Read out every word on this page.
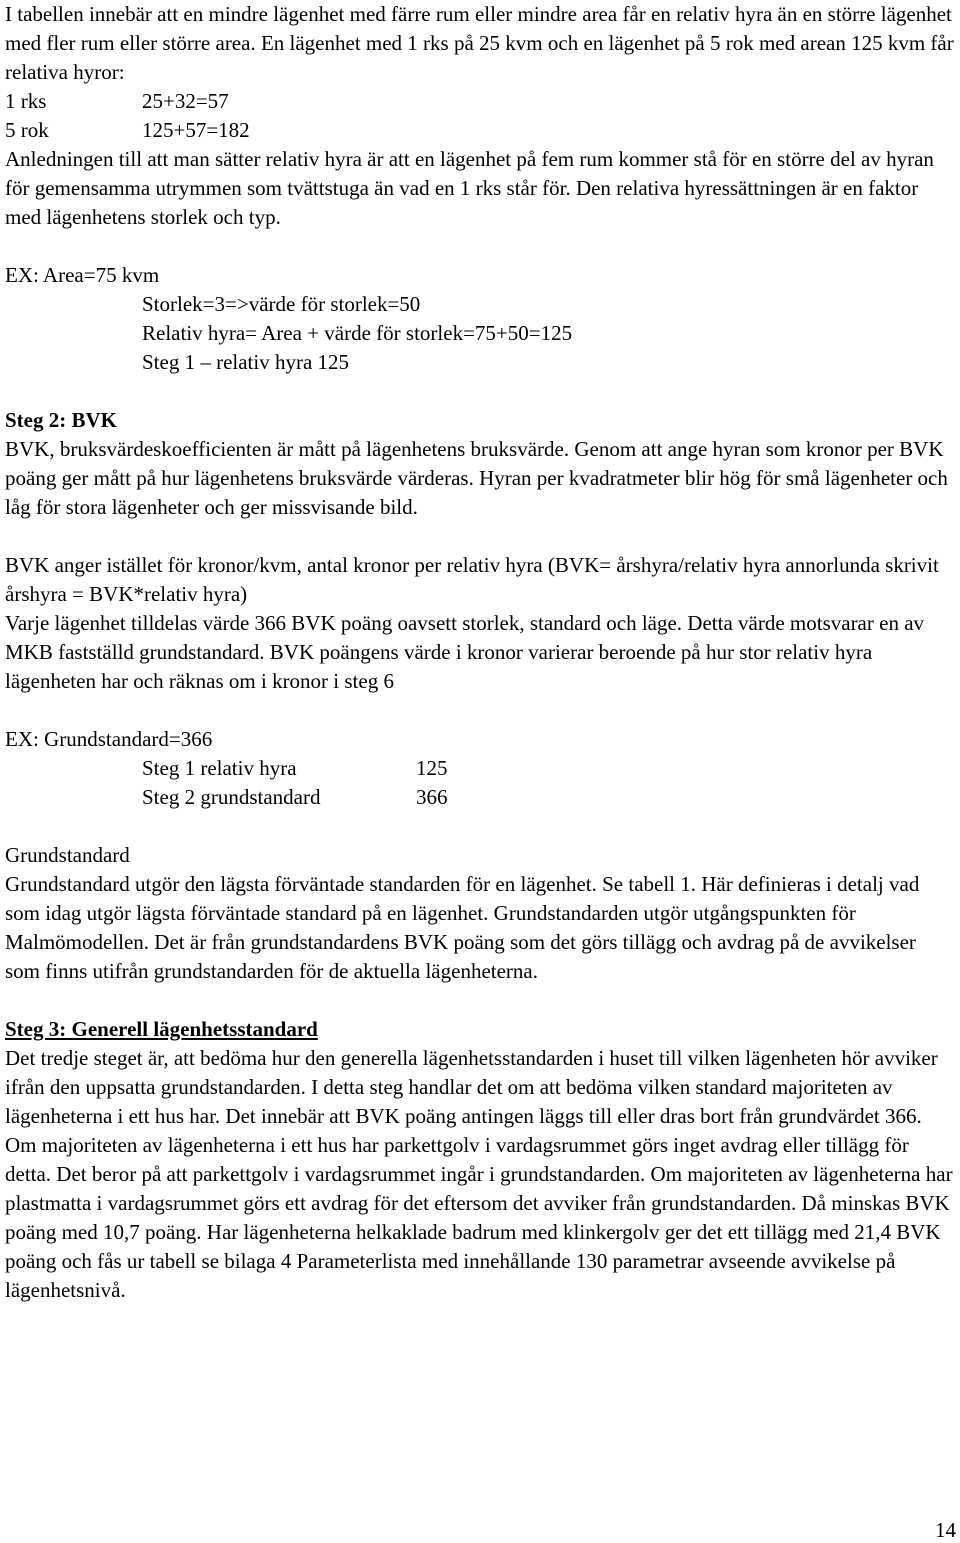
I tabellen innebär att en mindre lägenhet med färre rum eller mindre area får en relativ hyra än en större lägenhet med fler rum eller större area. En lägenhet med 1 rks på 25 kvm och en lägenhet på 5 rok med arean 125 kvm får relativa hyror:

1 rks	25+32=57
5 rok	125+57=182

Anledningen till att man sätter relativ hyra är att en lägenhet på fem rum kommer stå för en större del av hyran för gemensamma utrymmen som tvättstuga än vad en 1 rks står för. Den relativa hyressättningen är en faktor med lägenhetens storlek och typ.

EX: Area=75 kvm
Storlek=3=>värde för storlek=50
Relativ hyra= Area + värde för storlek=75+50=125
Steg 1 – relativ hyra 125
Steg 2: BVK

BVK, bruksvärdeskoefficienten är mått på lägenhetens bruksvärde. Genom att ange hyran som kronor per BVK poäng ger mått på hur lägenhetens bruksvärde värderas. Hyran per kvadratmeter blir hög för små lägenheter och låg för stora lägenheter och ger missvisande bild.

BVK anger istället för kronor/kvm, antal kronor per relativ hyra (BVK= årshyra/relativ hyra annorlunda skrivit årshyra = BVK*relativ hyra)

Varje lägenhet tilldelas värde 366 BVK poäng oavsett storlek, standard och läge. Detta värde motsvarar en av MKB fastställd grundstandard. BVK poängens värde i kronor varierar beroende på hur stor relativ hyra lägenheten har och räknas om i kronor i steg 6

EX: Grundstandard=366
Steg 1 relativ hyra	125
Steg 2 grundstandard	366
Grundstandard

Grundstandard utgör den lägsta förväntade standarden för en lägenhet. Se tabell 1. Här definieras i detalj vad som idag utgör lägsta förväntade standard på en lägenhet. Grundstandarden utgör utgångspunkten för Malmömodellen. Det är från grundstandardens BVK poäng som det görs tillägg och avdrag på de avvikelser som finns utifrån grundstandarden för de aktuella lägenheterna.

Steg 3: Generell lägenhetsstandard

Det tredje steget är, att bedöma hur den generella lägenhetsstandarden i huset till vilken lägenheten hör avviker ifrån den uppsatta grundstandarden. I detta steg handlar det om att bedöma vilken standard majoriteten av lägenheterna i ett hus har. Det innebär att BVK poäng antingen läggs till eller dras bort från grundvärdet 366. Om majoriteten av lägenheterna i ett hus har parkettgolv i vardagsrummet görs inget avdrag eller tillägg för detta. Det beror på att parkettgolv i vardagsrummet ingår i grundstandarden. Om majoriteten av lägenheterna har plastmatta i vardagsrummet görs ett avdrag för det eftersom det avviker från grundstandarden. Då minskas BVK poäng med 10,7 poäng. Har lägenheterna helkaklade badrum med klinkergolv ger det ett tillägg med 21,4 BVK poäng och fås ur tabell se bilaga 4 Parameterlista med innehållande 130 parametrar avseende avvikelse på lägenhetsnivå.

14
